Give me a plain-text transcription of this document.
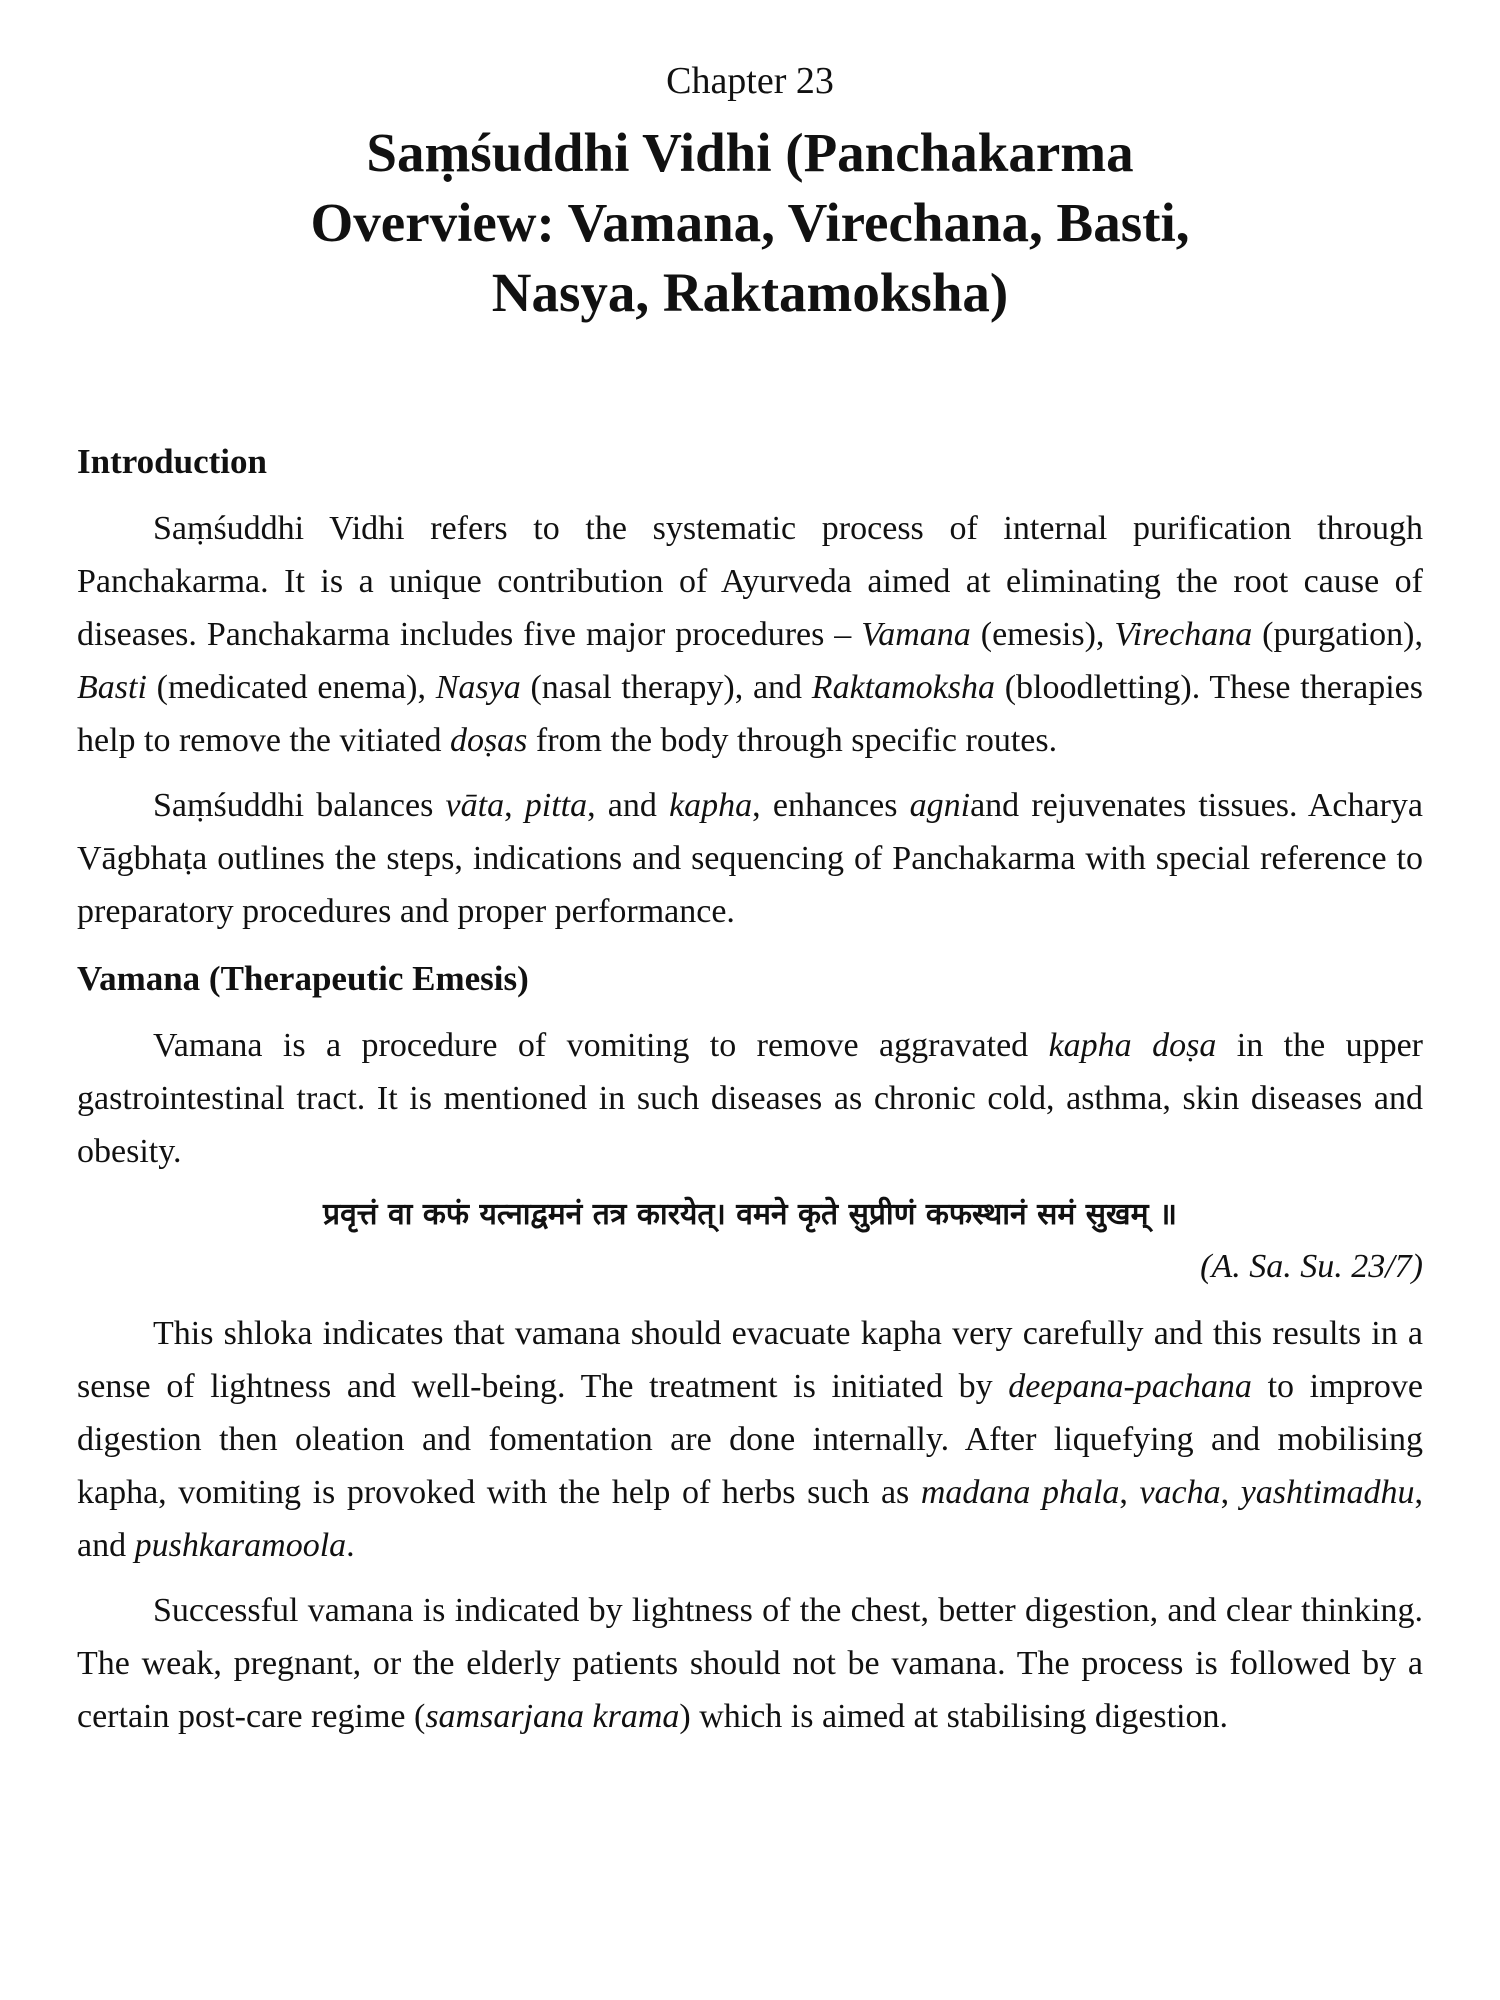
Chapter 23
Saṃśuddhi Vidhi (Panchakarma
Overview: Vamana, Virechana, Basti,
Nasya, Raktamoksha)
Introduction

Saṃśuddhi Vidhi refers to the systematic process of internal purification through Panchakarma. It is a unique contribution of Ayurveda aimed at eliminating the root cause of diseases. Panchakarma includes five major procedures – Vamana (emesis), Virechana (purgation), Basti (medicated enema), Nasya (nasal therapy), and Raktamoksha (bloodletting). These therapies help to remove the vitiated doṣas from the body through specific routes.

Saṃśuddhi balances vāta, pitta, and kapha, enhances agniand rejuvenates tissues. Acharya Vāgbhaṭa outlines the steps, indications and sequencing of Panchakarma with special reference to preparatory procedures and proper performance.

Vamana (Therapeutic Emesis)

Vamana is a procedure of vomiting to remove aggravated kapha doṣa in the upper gastrointestinal tract. It is mentioned in such diseases as chronic cold, asthma, skin diseases and obesity.

प्रवृत्तं वा कफं यत्नाद्वमनं तत्र कारयेत्। वमने कृते सुप्रीणं कफस्थानं समं सुखम् ॥

(A. Sa. Su. 23/7)

This shloka indicates that vamana should evacuate kapha very carefully and this results in a sense of lightness and well-being. The treatment is initiated by deepana-pachana to improve digestion then oleation and fomentation are done internally. After liquefying and mobilising kapha, vomiting is provoked with the help of herbs such as madana phala, vacha, yashtimadhu, and pushkaramoola.

Successful vamana is indicated by lightness of the chest, better digestion, and clear thinking. The weak, pregnant, or the elderly patients should not be vamana. The process is followed by a certain post-care regime (samsarjana krama) which is aimed at stabilising digestion.
